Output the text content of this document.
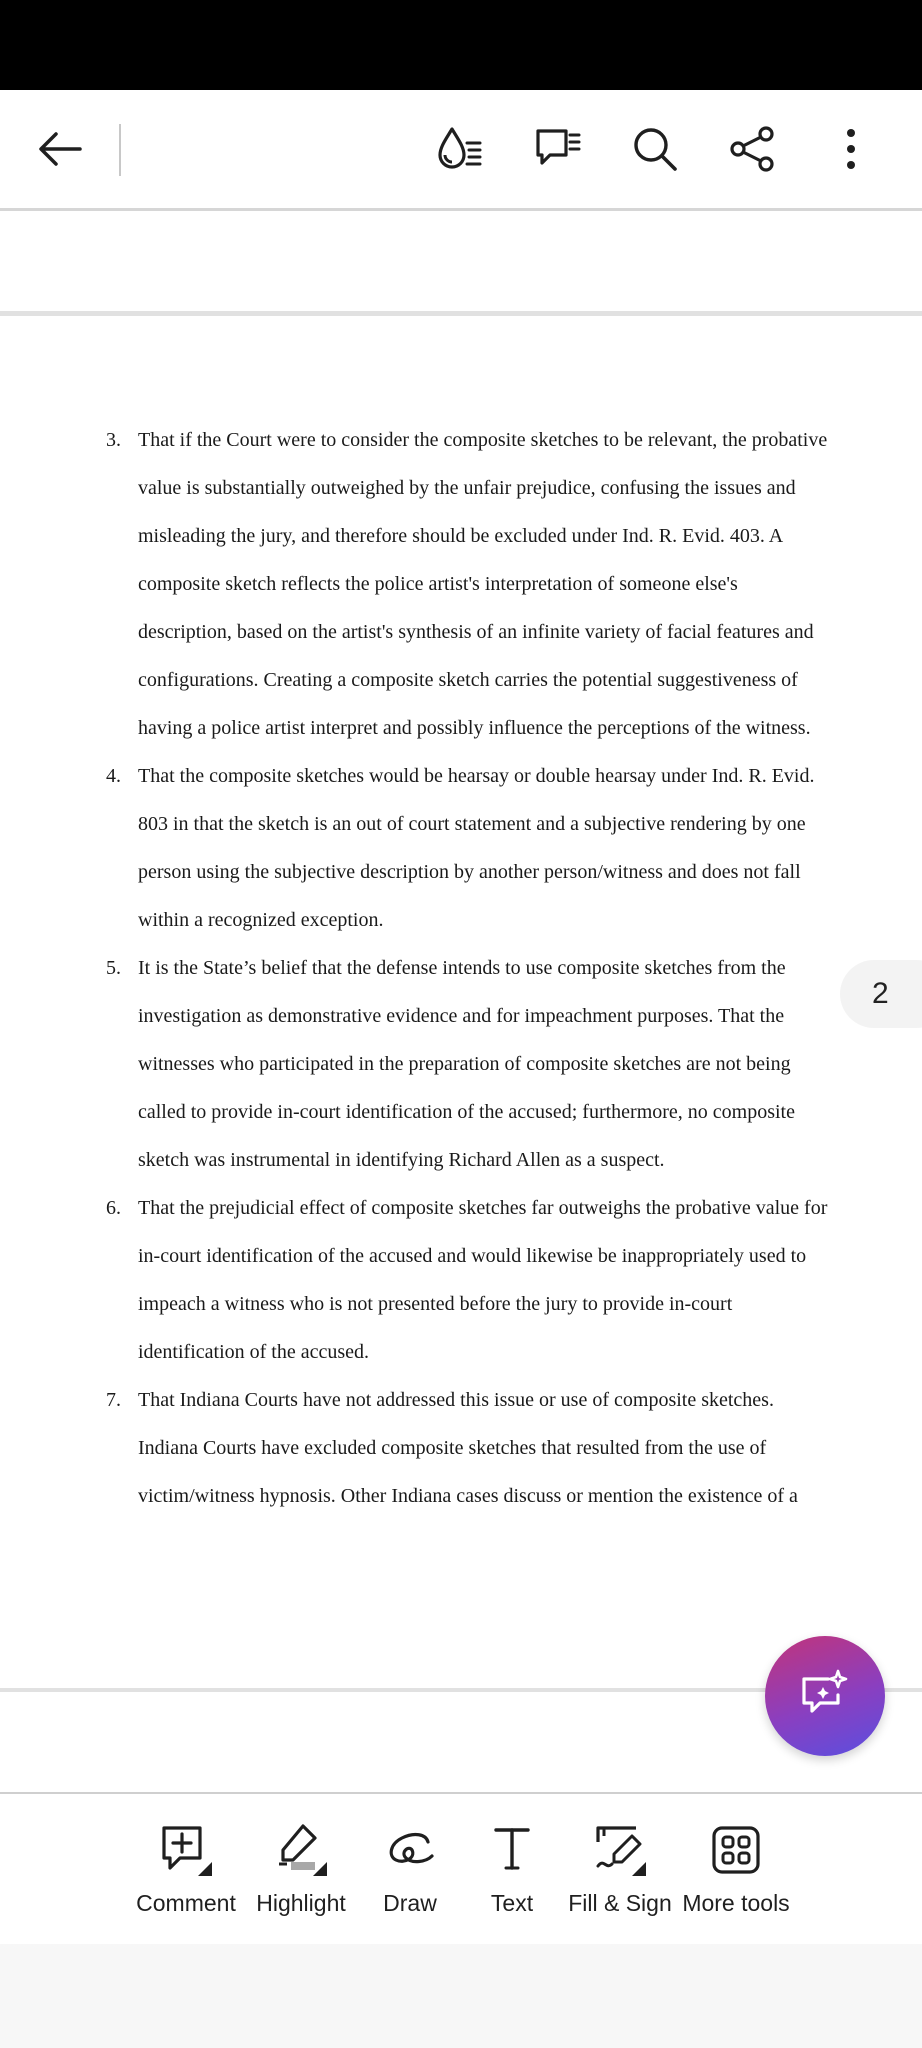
3. That if the Court were to consider the composite sketches to be relevant, the probative
value is substantially outweighed by the unfair prejudice, confusing the issues and
misleading the jury, and therefore should be excluded under Ind. R. Evid. 403. A
composite sketch reflects the police artist's interpretation of someone else's
description, based on the artist's synthesis of an infinite variety of facial features and
configurations. Creating a composite sketch carries the potential suggestiveness of
having a police artist interpret and possibly influence the perceptions of the witness.
4. That the composite sketches would be hearsay or double hearsay under Ind. R. Evid.
803 in that the sketch is an out of court statement and a subjective rendering by one
person using the subjective description by another person/witness and does not fall
within a recognized exception.
5. It is the State’s belief that the defense intends to use composite sketches from the
investigation as demonstrative evidence and for impeachment purposes. That the
witnesses who participated in the preparation of composite sketches are not being
called to provide in-court identification of the accused; furthermore, no composite
sketch was instrumental in identifying Richard Allen as a suspect.
6. That the prejudicial effect of composite sketches far outweighs the probative value for
in-court identification of the accused and would likewise be inappropriately used to
impeach a witness who is not presented before the jury to provide in-court
identification of the accused.
7. That Indiana Courts have not addressed this issue or use of composite sketches.
Indiana Courts have excluded composite sketches that resulted from the use of
victim/witness hypnosis. Other Indiana cases discuss or mention the existence of a
2
Comment Highlight Draw Text Fill & Sign More tools
